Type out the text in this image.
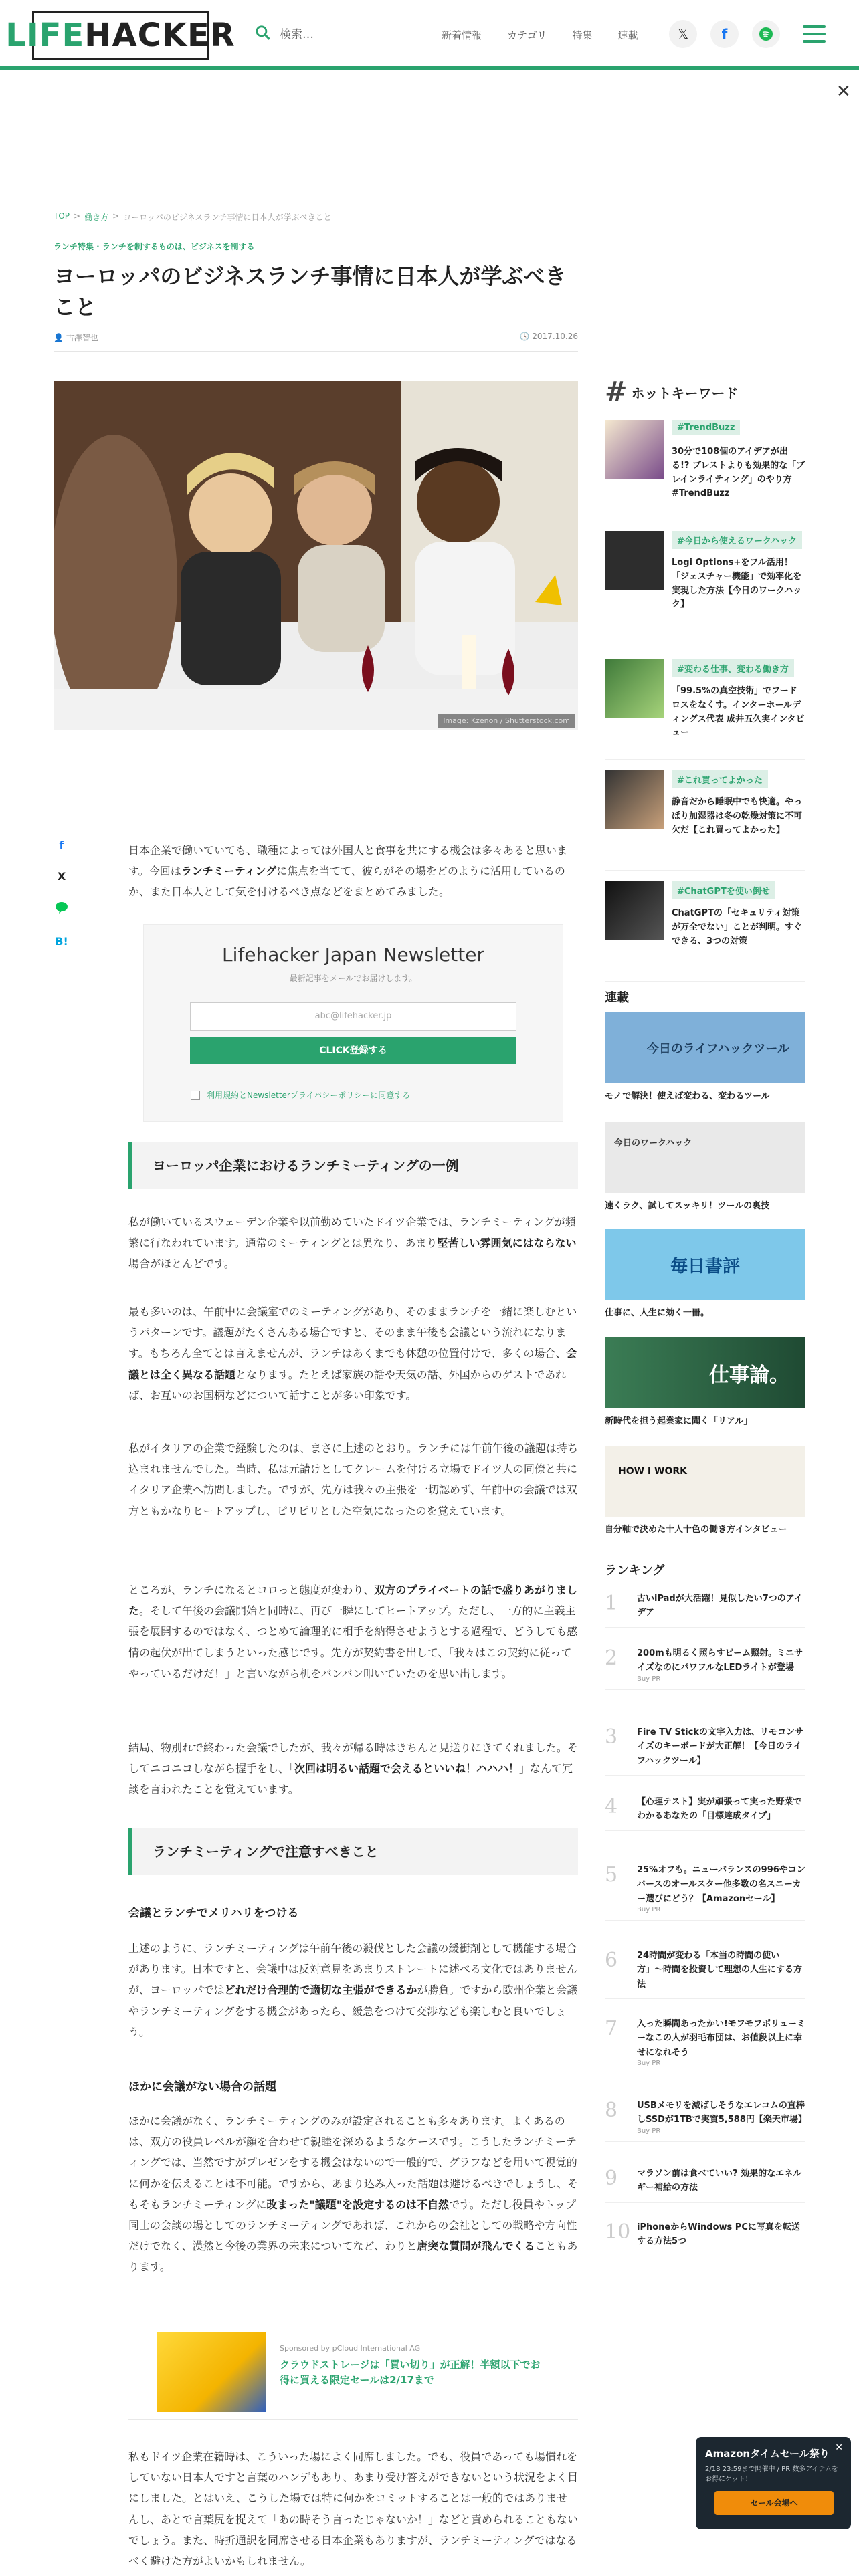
LIFE HACKER	検索…	新着情報	カテゴリ	特集	連載	𝕏	f
✕
TOP > 働き方 > ヨーロッパのビジネスランチ事情に日本人が学ぶべきこと
ランチ特集 · ランチを制するものは、ビジネスを制する
ヨーロッパのビジネスランチ事情に日本人が学ぶべきこと
👤 古澤智也	🕓 2017.10.26
Image: Kzenon / Shutterstock.com
f
X
B!

日本企業で働いていても、職種によっては外国人と食事を共にする機会は多々あると思います。今回はランチミーティングに焦点を当てて、彼らがその場をどのように活用しているのか、また日本人として気を付けるべき点などをまとめてみました。

Lifehacker Japan Newsletter
最新記事をメールでお届けします。
abc@lifehacker.jp
CLICK登録する
利用規約とNewsletterプライバシーポリシーに同意する
ヨーロッパ企業におけるランチミーティングの一例

私が働いているスウェーデン企業や以前勤めていたドイツ企業では、ランチミーティングが頻繁に行なわれています。通常のミーティングとは異なり、あまり堅苦しい雰囲気にはならない場合がほとんどです。

最も多いのは、午前中に会議室でのミーティングがあり、そのままランチを一緒に楽しむというパターンです。議題がたくさんある場合ですと、そのまま午後も会議という流れになります。もちろん全てとは言えませんが、ランチはあくまでも休憩の位置付けで、多くの場合、会議とは全く異なる話題となります。たとえば家族の話や天気の話、外国からのゲストであれば、お互いのお国柄などについて話すことが多い印象です。

私がイタリアの企業で経験したのは、まさに上述のとおり。ランチには午前午後の議題は持ち込まれませんでした。当時、私は元請けとしてクレームを付ける立場でドイツ人の同僚と共にイタリア企業へ訪問しました。ですが、先方は我々の主張を一切認めず、午前中の会議では双方ともかなりヒートアップし、ピリピリとした空気になったのを覚えています。

ところが、ランチになるとコロっと態度が変わり、双方のプライベートの話で盛りあがりました。そして午後の会議開始と同時に、再び一瞬にしてヒートアップ。ただし、一方的に主義主張を展開するのではなく、つとめて論理的に相手を納得させようとする過程で、どうしても感情の起伏が出てしまうといった感じです。先方が契約書を出して、「我々はこの契約に従ってやっているだけだ！」と言いながら机をバンバン叩いていたのを思い出します。

結局、物別れで終わった会議でしたが、我々が帰る時はきちんと見送りにきてくれました。そしてニコニコしながら握手をし、「次回は明るい話題で会えるといいね！ハハハ！」なんて冗談を言われたことを覚えています。

ランチミーティングで注意すべきこと
会議とランチでメリハリをつける

上述のように、ランチミーティングは午前午後の殺伐とした会議の緩衝剤として機能する場合があります。日本ですと、会議中は反対意見をあまりストレートに述べる文化ではありませんが、ヨーロッパではどれだけ合理的で適切な主張ができるかが勝負。ですから欧州企業と会議やランチミーティングをする機会があったら、緩急をつけて交渉なども楽しむと良いでしょう。

ほかに会議がない場合の話題

ほかに会議がなく、ランチミーティングのみが設定されることも多々あります。よくあるのは、双方の役員レベルが顔を合わせて親睦を深めるようなケースです。こうしたランチミーティングでは、当然ですがプレゼンをする機会はないので一般的で、グラフなどを用いて視覚的に何かを伝えることは不可能。ですから、あまり込み入った話題は避けるべきでしょうし、そもそもランチミーティングに改まった"議題"を設定するのは不自然です。ただし役員やトップ同士の会談の場としてのランチミーティングであれば、これからの会社としての戦略や方向性だけでなく、漠然と今後の業界の未来についてなど、わりと唐突な質問が飛んでくることもあります。

Sponsored by pCloud International AG
クラウドストレージは「買い切り」が正解！半額以下でお得に買える限定セールは2/17まで

私もドイツ企業在籍時は、こういった場によく同席しました。でも、役員であっても場慣れをしていない日本人ですと言葉のハンデもあり、あまり受け答えができないという状況をよく目にしました。とはいえ、こうした場では特に何かをコミットすることは一般的ではありませんし、あとで言葉尻を捉えて「あの時そう言ったじゃないか！」などと責められることもないでしょう。また、時折通訳を同席させる日本企業もありますが、ランチミーティングではなるべく避けた方がよいかもしれません。

# ホットキーワード
#TrendBuzz
30分で108個のアイデアが出る!? ブレストよりも効果的な「ブレインライティング」のやり方 #TrendBuzz
#今日から使えるワークハック
Logi Options+をフル活用！「ジェスチャー機能」で効率化を実現した方法【今日のワークハック】
#変わる仕事、変わる働き方
「99.5%の真空技術」でフードロスをなくす。インターホールディングス代表 成井五久実インタビュー
#これ買ってよかった
静音だから睡眠中でも快適。やっぱり加湿器は冬の乾燥対策に不可欠だ【これ買ってよかった】
#ChatGPTを使い倒せ
ChatGPTの「セキュリティ対策が万全でない」ことが判明。すぐできる、3つの対策
連載
今日のライフハックツール
モノで解決！使えば変わる、変わるツール
今日のワークハック
速くラク、試してスッキリ！ツールの裏技
毎日書評
仕事に、人生に効く一冊。
仕事論。
新時代を担う起業家に聞く「リアル」
HOW I WORK
自分軸で決めた十人十色の働き方インタビュー
ランキング
1 古いiPadが大活躍！見似したい7つのアイデア
2 200mも明るく照らすビーム照射。ミニサイズなのにパワフルなLEDライトが登場
Buy PR
3 Fire TV Stickの文字入力は、リモコンサイズのキーボードが大正解！【今日のライフハックツール】
4 【心理テスト】実が頑張って実った野菜でわかるあなたの「目標達成タイプ」
5 25%オフも。ニューバランスの996やコンバースのオールスター他多数の名スニーカー選びにどう？【Amazonセール】
Buy PR
6 24時間が変わる「本当の時間の使い方」〜時間を投資して理想の人生にする方法
7 入った瞬間あったかい!モフモフポリューミーなこの人が羽毛布団は、お値段以上に幸せになれそう
Buy PR
8 USBメモリを減ばしそうなエレコムの直棒しSSDが1TBで実質5,588円【楽天市場】
Buy PR
9 マラソン前は食べていい? 効果的なエネルギー補給の方法
10 iPhoneからWindows PCに写真を転送する方法5つ
✕
Amazonタイムセール祭り
2/18 23:59まで開催中 / PR 数多アイテムをお得にゲット！
セール会場へ
